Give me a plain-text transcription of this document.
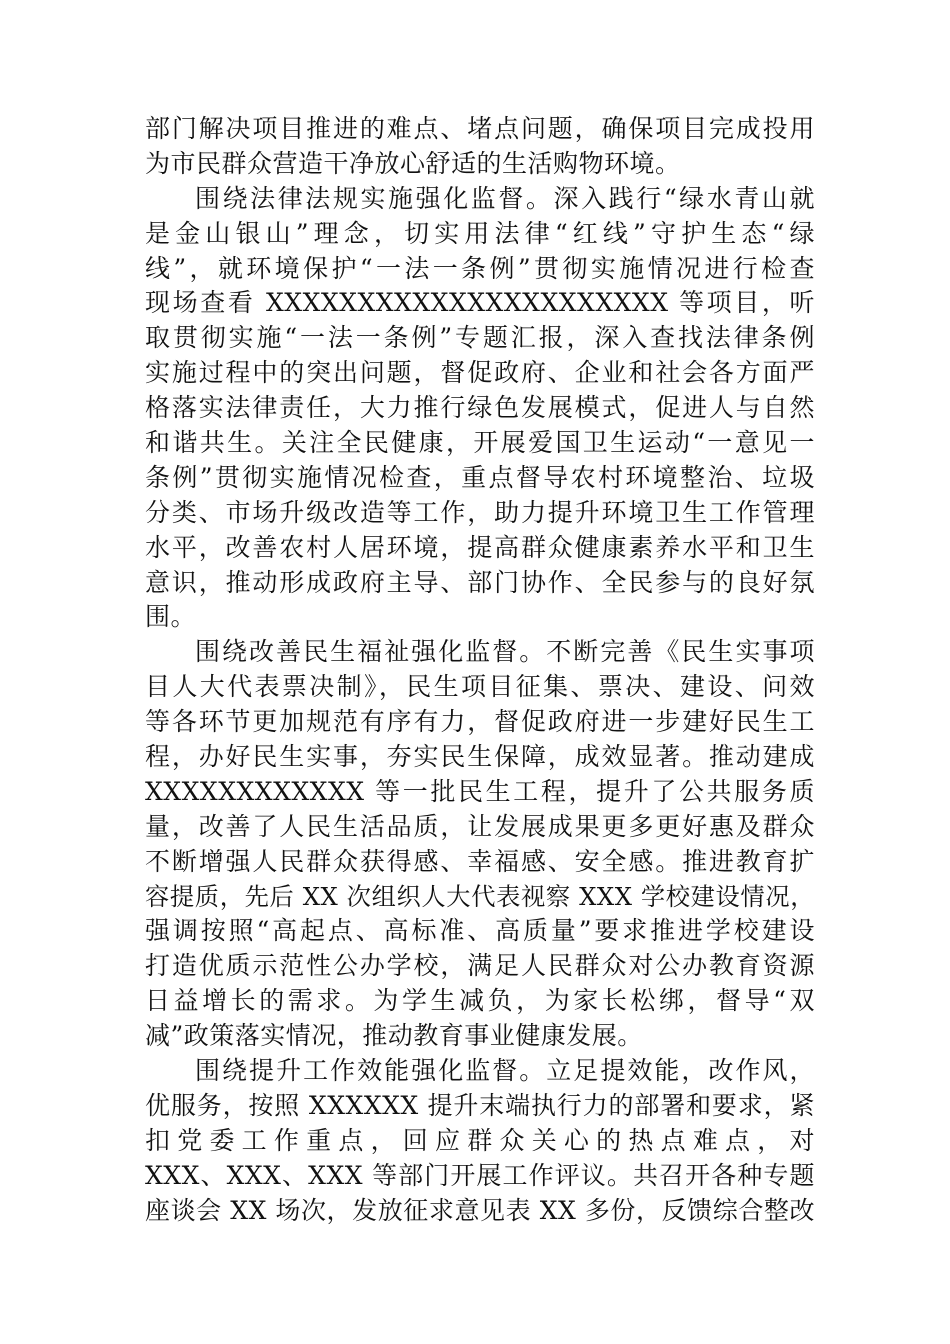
部门解决项目推进的难点、堵点问题，确保项目完成投用
为市民群众营造干净放心舒适的生活购物环境。
围绕法律法规实施强化监督。深入践行“绿水青山就
是金山银山”理念，切实用法律“红线”守护生态“绿
线”，就环境保护“一法一条例”贯彻实施情况进行检查
现场查看 XXXXXXXXXXXXXXXXXXXXXX 等项目，听
取贯彻实施“一法一条例”专题汇报，深入查找法律条例
实施过程中的突出问题，督促政府、企业和社会各方面严
格落实法律责任，大力推行绿色发展模式，促进人与自然
和谐共生。关注全民健康，开展爱国卫生运动“一意见一
条例”贯彻实施情况检查，重点督导农村环境整治、垃圾
分类、市场升级改造等工作，助力提升环境卫生工作管理
水平，改善农村人居环境，提高群众健康素养水平和卫生
意识，推动形成政府主导、部门协作、全民参与的良好氛
围。
围绕改善民生福祉强化监督。不断完善《民生实事项
目人大代表票决制》，民生项目征集、票决、建设、问效
等各环节更加规范有序有力，督促政府进一步建好民生工
程，办好民生实事，夯实民生保障，成效显著。推动建成
XXXXXXXXXXXX 等一批民生工程，提升了公共服务质
量，改善了人民生活品质，让发展成果更多更好惠及群众
不断增强人民群众获得感、幸福感、安全感。推进教育扩
容提质，先后 XX 次组织人大代表视察 XXX 学校建设情况，
强调按照“高起点、高标准、高质量”要求推进学校建设
打造优质示范性公办学校，满足人民群众对公办教育资源
日益增长的需求。为学生减负，为家长松绑，督导“双
减”政策落实情况，推动教育事业健康发展。
围绕提升工作效能强化监督。立足提效能，改作风，
优服务，按照 XXXXXX 提升末端执行力的部署和要求，紧
扣党委工作重点，回应群众关心的热点难点，对
XXX、XXX、XXX 等部门开展工作评议。共召开各种专题
座谈会 XX 场次，发放征求意见表 XX 多份，反馈综合整改
